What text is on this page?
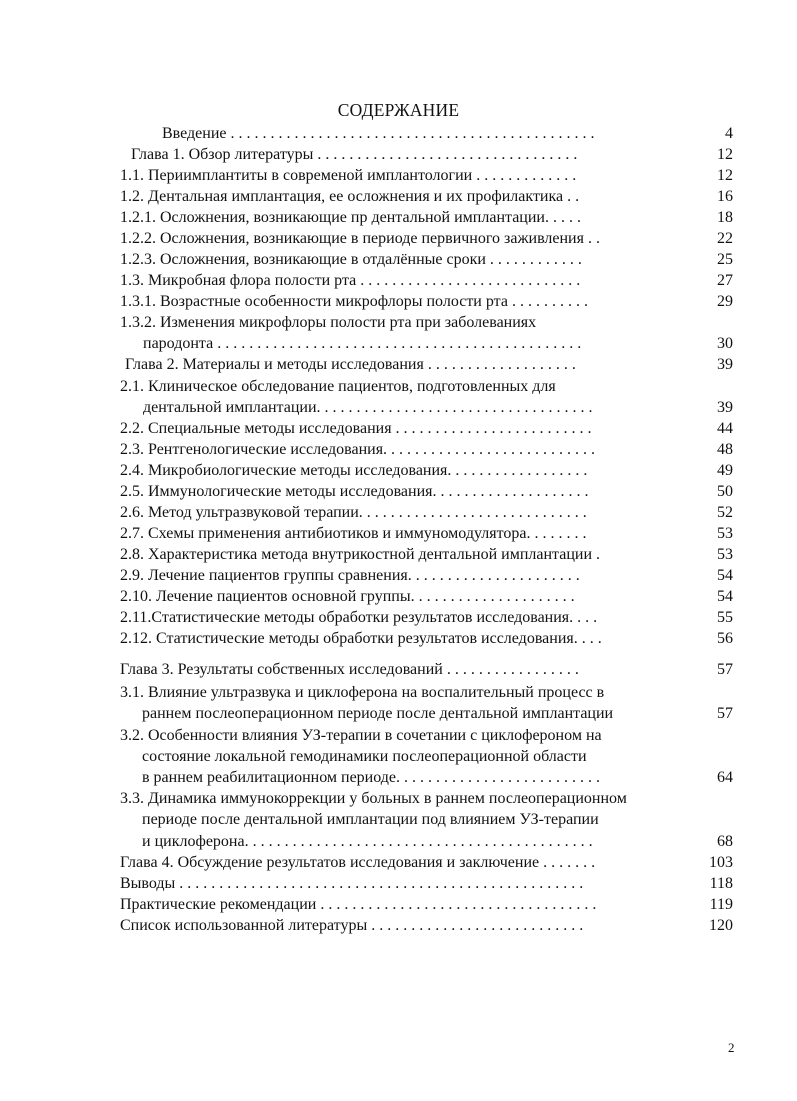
СОДЕРЖАНИЕ
Введение . . . . . . . . . . . . . . . . . . . . . . . . . . . . . . . . . . . . . . . . . . . . . .	4
Глава 1. Обзор литературы . . . . . . . . . . . . . . . . . . . . . . . . . . . . . . . . .	12
1.1. Периимплантиты в современой имплантологии . . . . . . . . . . . . .	12
1.2. Дентальная имплантация, ее осложнения и их профилактика . .	16
1.2.1. Осложнения, возникающие пр дентальной имплантации. . . . .	18
1.2.2. Осложнения, возникающие в периоде первичного заживления . .	22
1.2.3. Осложнения, возникающие в отдалённые сроки . . . . . . . . . . . .	25
1.3. Микробная флора полости рта . . . . . . . . . . . . . . . . . . . . . . . . . . . .	27
1.3.1. Возрастные особенности микрофлоры полости рта . . . . . . . . . .	29
1.3.2. Изменения микрофлоры полости рта при заболеваниях
пародонта . . . . . . . . . . . . . . . . . . . . . . . . . . . . . . . . . . . . . . . . . . . . . .	30
Глава 2. Материалы и методы исследования . . . . . . . . . . . . . . . . . . .	39
2.1. Клиническое обследование пациентов, подготовленных для
дентальной имплантации. . . . . . . . . . . . . . . . . . . . . . . . . . . . . . . . . . .	39
2.2. Специальные методы исследования . . . . . . . . . . . . . . . . . . . . . . . . .	44
2.3. Рентгенологические исследования. . . . . . . . . . . . . . . . . . . . . . . . . . .	48
2.4. Микробиологические методы исследования. . . . . . . . . . . . . . . . . .	49
2.5. Иммунологические методы исследования. . . . . . . . . . . . . . . . . . . .	50
2.6. Метод ультразвуковой терапии. . . . . . . . . . . . . . . . . . . . . . . . . . . . .	52
2.7. Схемы применения антибиотиков и иммуномодулятора. . . . . . . .	53
2.8. Характеристика метода внутрикостной дентальной имплантации .	53
2.9. Лечение пациентов группы сравнения. . . . . . . . . . . . . . . . . . . . . .	54
2.10. Лечение пациентов основной группы. . . . . . . . . . . . . . . . . . . . .	54
2.11.Статистические методы обработки результатов исследования. . . .	55
2.12. Статистические методы обработки результатов исследования. . . .	56
Глава 3. Результаты собственных исследований . . . . . . . . . . . . . . . . .	57
3.1. Влияние ультразвука и циклоферона на воспалительный процесс в
раннем послеоперационном периоде после дентальной имплантации	57
3.2. Особенности влияния УЗ-терапии в сочетании с циклофероном на
состояние локальной гемодинамики послеоперационной области
в раннем реабилитационном периоде. . . . . . . . . . . . . . . . . . . . . . . . . .	64
3.3. Динамика иммунокоррекции у больных в раннем послеоперационном
периоде после дентальной имплантации под влиянием УЗ-терапии
и циклоферона. . . . . . . . . . . . . . . . . . . . . . . . . . . . . . . . . . . . . . . . . . . .	68
Глава 4. Обсуждение результатов исследования и заключение . . . . . . .	103
Выводы . . . . . . . . . . . . . . . . . . . . . . . . . . . . . . . . . . . . . . . . . . . . . . . . . . .	118
Практические рекомендации . . . . . . . . . . . . . . . . . . . . . . . . . . . . . . . . . . .	119
Список использованной литературы . . . . . . . . . . . . . . . . . . . . . . . . . . .	120
2
